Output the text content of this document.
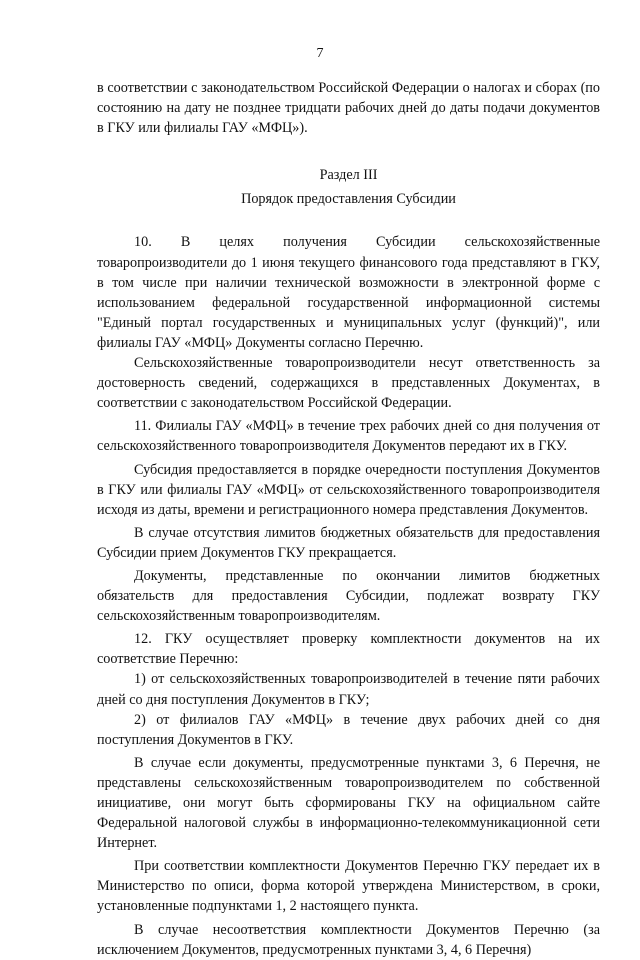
7

в соответствии с законодательством Российской Федерации о налогах и сборах (по состоянию на дату не позднее тридцати рабочих дней до даты подачи документов в ГКУ или филиалы ГАУ «МФЦ»).

Раздел III
Порядок предоставления Субсидии

10. В целях получения Субсидии сельскохозяйственные товаропроизводители до 1 июня текущего финансового года представляют в ГКУ, в том числе при наличии технической возможности в электронной форме с использованием федеральной государственной информационной системы "Единый портал государственных и муниципальных услуг (функций)", или филиалы ГАУ «МФЦ» Документы согласно Перечню.

Сельскохозяйственные товаропроизводители несут ответственность за достоверность сведений, содержащихся в представленных Документах, в соответствии с законодательством Российской Федерации.

11. Филиалы ГАУ «МФЦ» в течение трех рабочих дней со дня получения от сельскохозяйственного товаропроизводителя Документов передают их в ГКУ.

Субсидия предоставляется в порядке очередности поступления Документов в ГКУ или филиалы ГАУ «МФЦ» от сельскохозяйственного товаропроизводителя исходя из даты, времени и регистрационного номера представления Документов.

В случае отсутствия лимитов бюджетных обязательств для предоставления Субсидии прием Документов ГКУ прекращается.

Документы, представленные по окончании лимитов бюджетных обязательств для предоставления Субсидии, подлежат возврату ГКУ сельскохозяйственным товаропроизводителям.

12. ГКУ осуществляет проверку комплектности документов на их соответствие Перечню:

1) от сельскохозяйственных товаропроизводителей в течение пяти рабочих дней со дня поступления Документов в ГКУ;

2) от филиалов ГАУ «МФЦ» в течение двух рабочих дней со дня поступления Документов в ГКУ.

В случае если документы, предусмотренные пунктами 3, 6 Перечня, не представлены сельскохозяйственным товаропроизводителем по собственной инициативе, они могут быть сформированы ГКУ на официальном сайте Федеральной налоговой службы в информационно-телекоммуникационной сети Интернет.

При соответствии комплектности Документов Перечню ГКУ передает их в Министерство по описи, форма которой утверждена Министерством, в сроки, установленные подпунктами 1, 2 настоящего пункта.

В случае несоответствия комплектности Документов Перечню (за исключением Документов, предусмотренных пунктами 3, 4, 6 Перечня)
